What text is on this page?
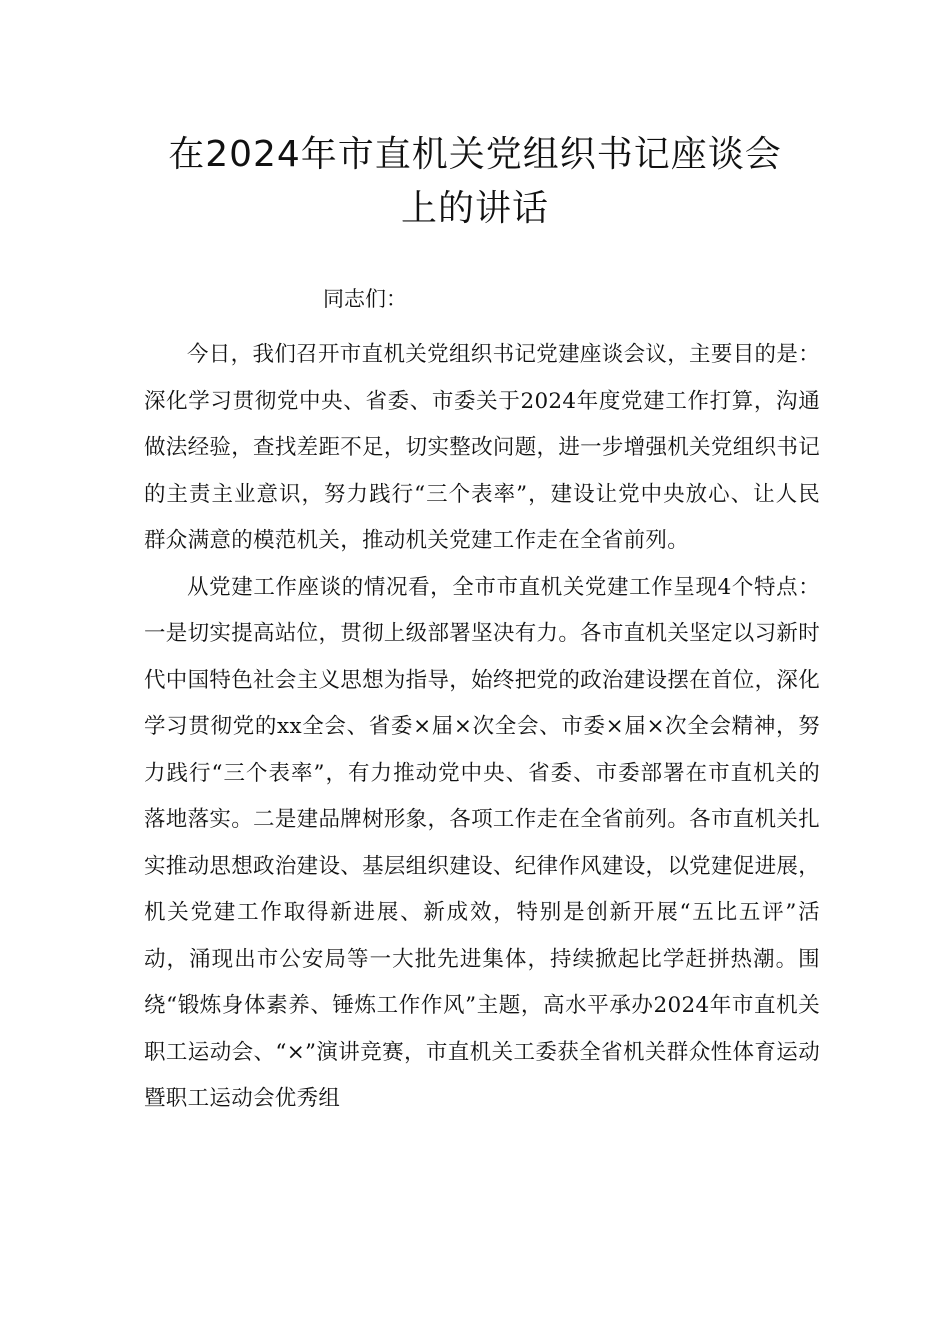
在2024年市直机关党组织书记座谈会
上的讲话

同志们：

今日，我们召开市直机关党组织书记党建座谈会议，主要目的是：深化学习贯彻党中央、省委、市委关于2024年度党建工作打算，沟通做法经验，查找差距不足，切实整改问题，进一步增强机关党组织书记的主责主业意识，努力践行“三个表率”，建设让党中央放心、让人民群众满意的模范机关，推动机关党建工作走在全省前列。

从党建工作座谈的情况看，全市市直机关党建工作呈现4个特点：一是切实提高站位，贯彻上级部署坚决有力。各市直机关坚定以习新时代中国特色社会主义思想为指导，始终把党的政治建设摆在首位，深化学习贯彻党的xx全会、省委×届×次全会、市委×届×次全会精神，努力践行“三个表率”，有力推动党中央、省委、市委部署在市直机关的落地落实。二是建品牌树形象，各项工作走在全省前列。各市直机关扎实推动思想政治建设、基层组织建设、纪律作风建设，以党建促进展，机关党建工作取得新进展、新成效，特别是创新开展“五比五评”活动，涌现出市公安局等一大批先进集体，持续掀起比学赶拼热潮。围绕“锻炼身体素养、锤炼工作作风”主题，高水平承办2024年市直机关职工运动会、“×”演讲竞赛，市直机关工委获全省机关群众性体育运动暨职工运动会优秀组
